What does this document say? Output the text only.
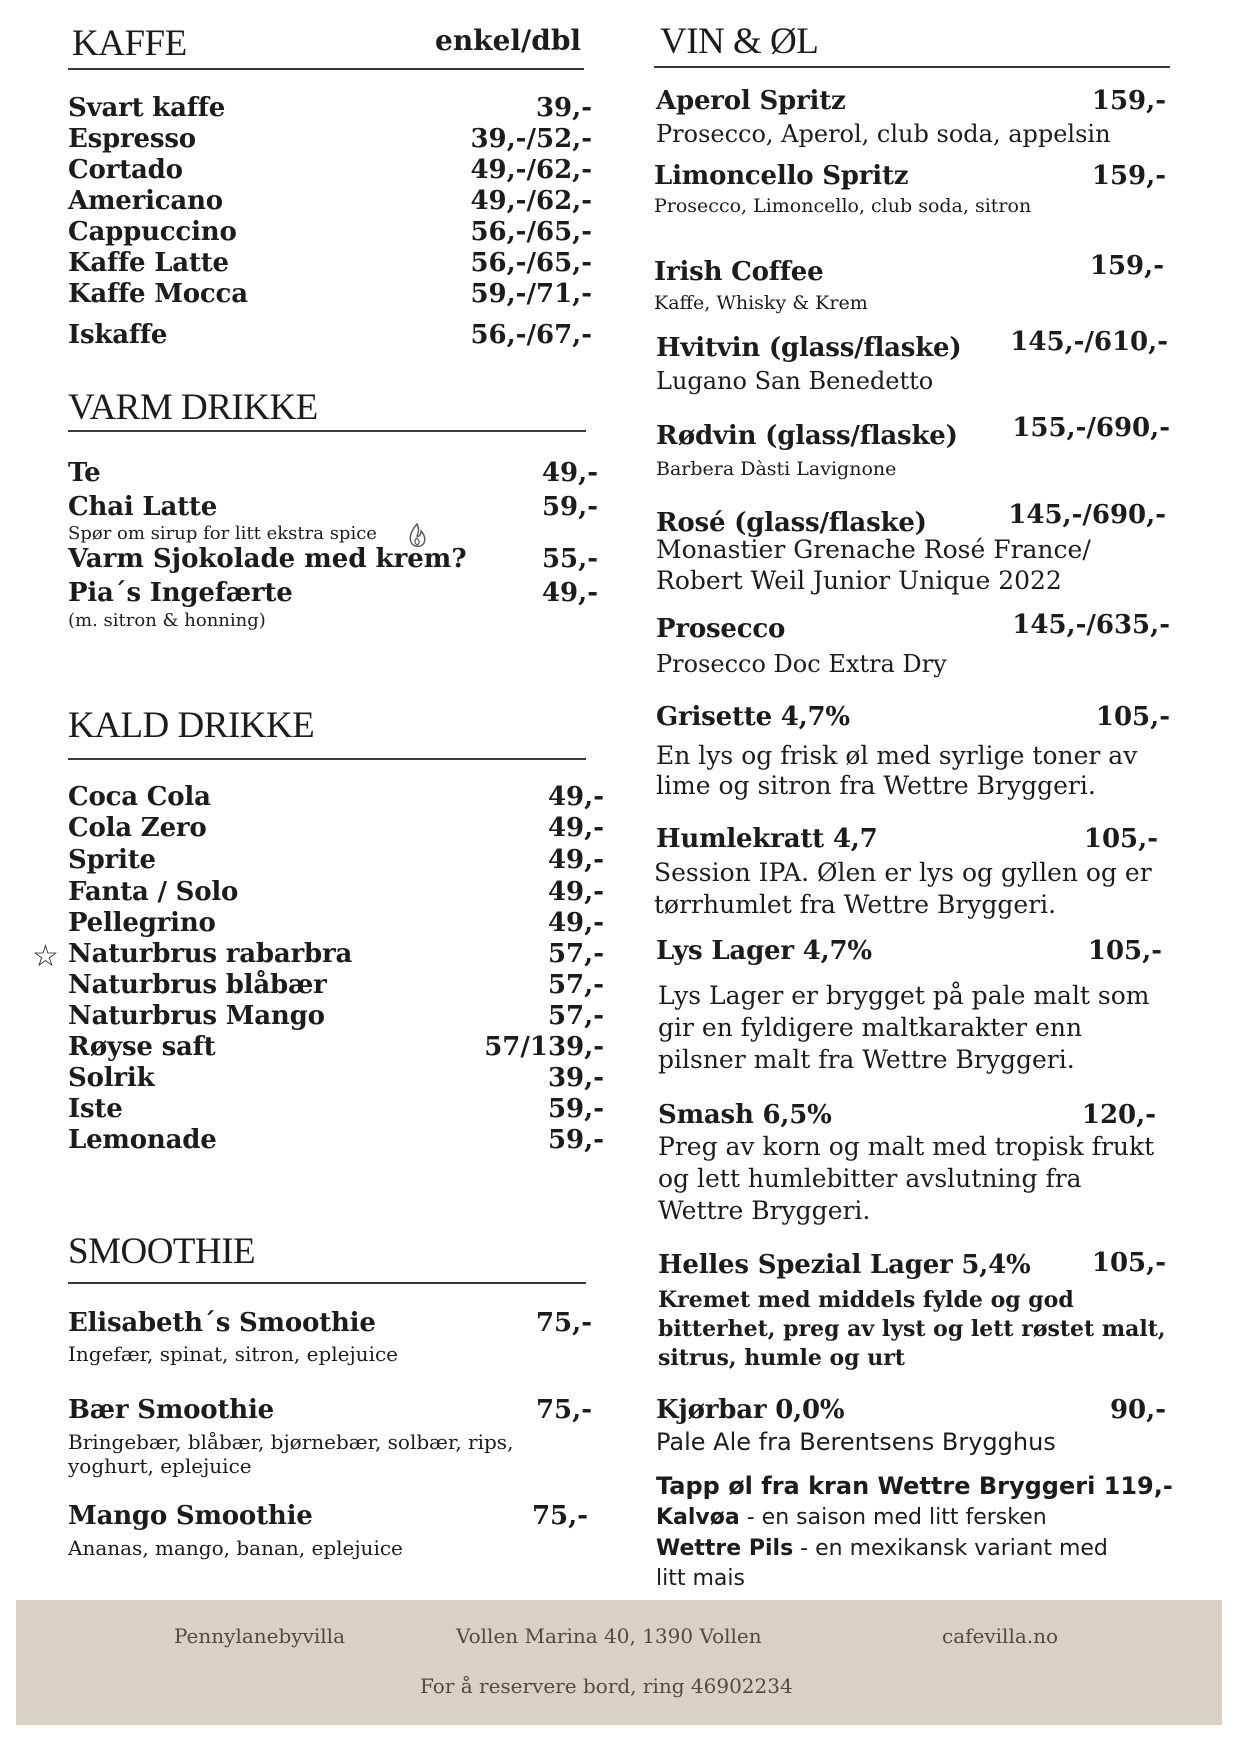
KAFFE	enkel/dbl
Svart kaffe	39,-
Espresso	39,-/52,-
Cortado	49,-/62,-
Americano	49,-/62,-
Cappuccino	56,-/65,-
Kaffe Latte	56,-/65,-
Kaffe Mocca	59,-/71,-
Iskaffe	56,-/67,-
VARM DRIKKE
Te	49,-
Chai Latte	59,-
Spør om sirup for litt ekstra spice
Varm Sjokolade med krem?	55,-
Pia´s Ingefærte	49,-
(m. sitron & honning)
KALD DRIKKE
Coca Cola	49,-
Cola Zero	49,-
Sprite	49,-
Fanta / Solo	49,-
Pellegrino	49,-
☆ Naturbrus rabarbra	57,-
Naturbrus blåbær	57,-
Naturbrus Mango	57,-
Røyse saft	57/139,-
Solrik	39,-
Iste	59,-
Lemonade	59,-
SMOOTHIE
Elisabeth´s Smoothie	75,-
Ingefær, spinat, sitron, eplejuice
Bær Smoothie	75,-
Bringebær, blåbær, bjørnebær, solbær, rips,
yoghurt, eplejuice
Mango Smoothie	75,-
Ananas, mango, banan, eplejuice
VIN & ØL
Aperol Spritz	159,-
Prosecco, Aperol, club soda, appelsin
Limoncello Spritz	159,-
Prosecco, Limoncello, club soda, sitron
Irish Coffee	159,-
Kaffe, Whisky & Krem
Hvitvin (glass/flaske) 145,-/610,-
Lugano San Benedetto
Rødvin (glass/flaske) 155,-/690,-
Barbera Dàsti Lavignone
Rosé (glass/flaske)	145,-/690,-
Monastier Grenache Rosé France/
Robert Weil Junior Unique 2022
Prosecco	145,-/635,-
Prosecco Doc Extra Dry
Grisette 4,7%	105,-
En lys og frisk øl med syrlige toner av
lime og sitron fra Wettre Bryggeri.
Humlekratt 4,7	105,-
Session IPA. Ølen er lys og gyllen og er
tørrhumlet fra Wettre Bryggeri.
Lys Lager 4,7%	105,-
Lys Lager er brygget på pale malt som
gir en fyldigere maltkarakter enn
pilsner malt fra Wettre Bryggeri.
Smash 6,5%	120,-
Preg av korn og malt med tropisk frukt
og lett humlebitter avslutning fra
Wettre Bryggeri.
Helles Spezial Lager 5,4% 105,-
Kremet med middels fylde og god
bitterhet, preg av lyst og lett røstet malt,
sitrus, humle og urt
Kjørbar 0,0%	90,-
Pale Ale fra Berentsens Brygghus
Tapp øl fra kran Wettre Bryggeri 119,-
Kalvøa - en saison med litt fersken
Wettre Pils - en mexikansk variant med
litt mais
Pennylanebyvilla	Vollen Marina 40, 1390 Vollen	cafevilla.no
For å reservere bord, ring 46902234
